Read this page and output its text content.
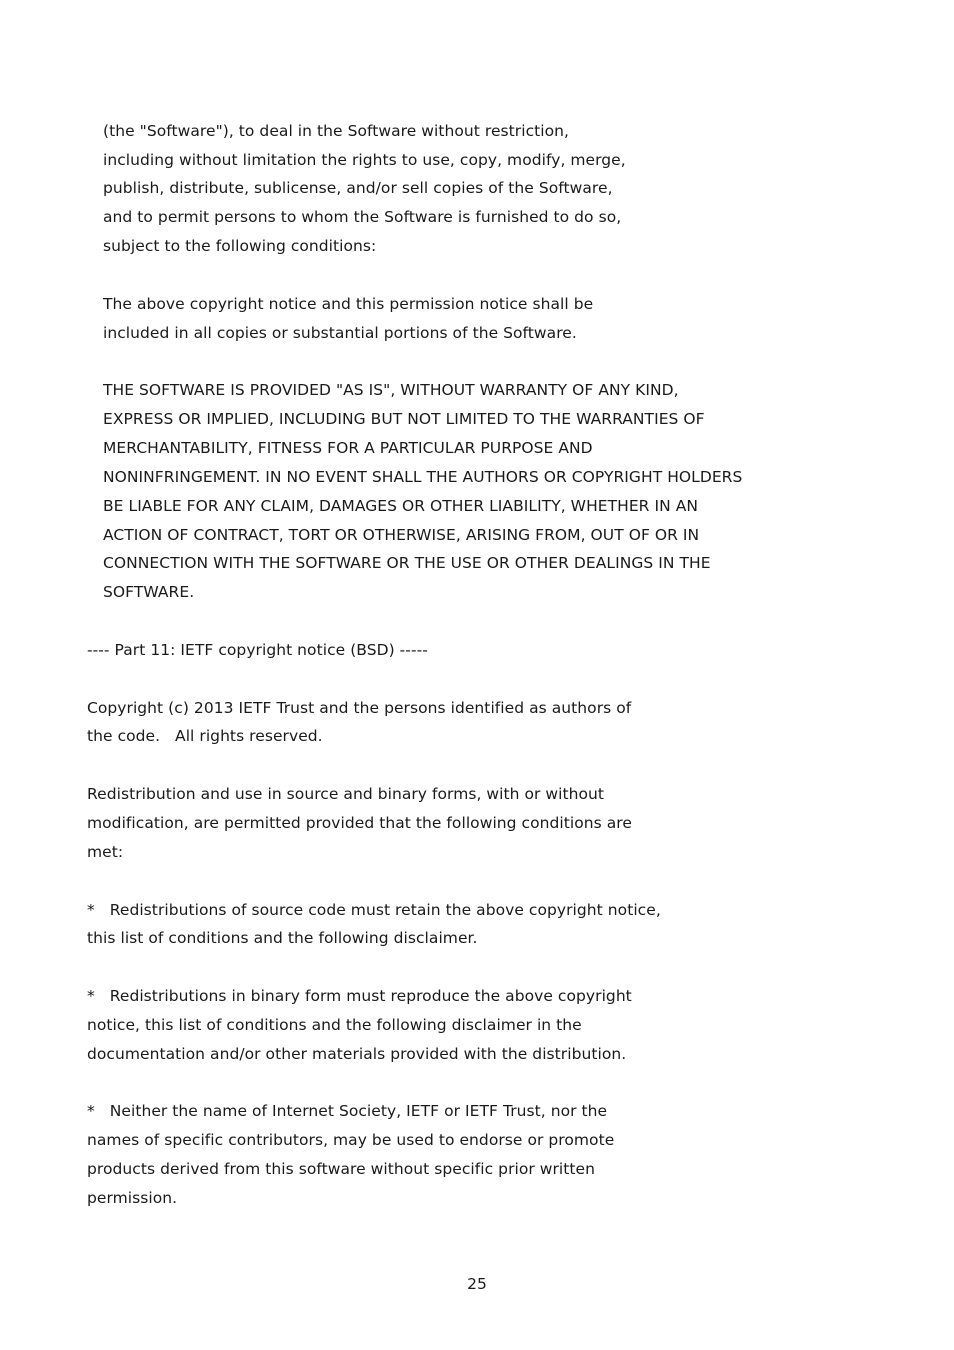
(the "Software"), to deal in the Software without restriction,
including without limitation the rights to use, copy, modify, merge,
publish, distribute, sublicense, and/or sell copies of the Software,
and to permit persons to whom the Software is furnished to do so,
subject to the following conditions:
The above copyright notice and this permission notice shall be
included in all copies or substantial portions of the Software.
THE SOFTWARE IS PROVIDED "AS IS", WITHOUT WARRANTY OF ANY KIND,
EXPRESS OR IMPLIED, INCLUDING BUT NOT LIMITED TO THE WARRANTIES OF
MERCHANTABILITY, FITNESS FOR A PARTICULAR PURPOSE AND
NONINFRINGEMENT. IN NO EVENT SHALL THE AUTHORS OR COPYRIGHT HOLDERS
BE LIABLE FOR ANY CLAIM, DAMAGES OR OTHER LIABILITY, WHETHER IN AN
ACTION OF CONTRACT, TORT OR OTHERWISE, ARISING FROM, OUT OF OR IN
CONNECTION WITH THE SOFTWARE OR THE USE OR OTHER DEALINGS IN THE
SOFTWARE.
---- Part 11: IETF copyright notice (BSD) -----
Copyright (c) 2013 IETF Trust and the persons identified as authors of
the code.   All rights reserved.
Redistribution and use in source and binary forms, with or without
modification, are permitted provided that the following conditions are
met:
*   Redistributions of source code must retain the above copyright notice,
this list of conditions and the following disclaimer.
*   Redistributions in binary form must reproduce the above copyright
notice, this list of conditions and the following disclaimer in the
documentation and/or other materials provided with the distribution.
*   Neither the name of Internet Society, IETF or IETF Trust, nor the
names of specific contributors, may be used to endorse or promote
products derived from this software without specific prior written
permission.
25
